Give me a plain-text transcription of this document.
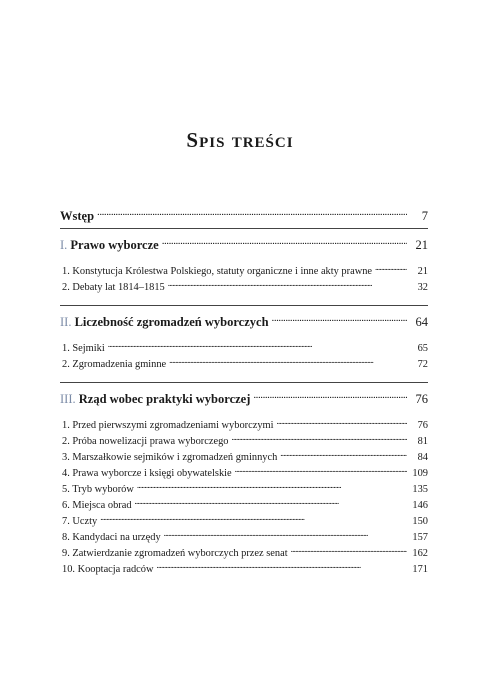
Spis treści
Wstęp . . .	7
I. Prawo wyborcze . . .	21
1. Konstytucja Królestwa Polskiego, statuty organiczne i inne akty prawne . . .	21
2. Debaty lat 1814–1815 . . .	32
II. Liczebność zgromadzeń wyborczych . . .	64
1. Sejmiki . . .	65
2. Zgromadzenia gminne . . .	72
III. Rząd wobec praktyki wyborczej . . .	76
1. Przed pierwszymi zgromadzeniami wyborczymi . . .	76
2. Próba nowelizacji prawa wyborczego . . .	81
3. Marszałkowie sejmików i zgromadzeń gminnych . . .	84
4. Prawa wyborcze i księgi obywatelskie . . .	109
5. Tryb wyborów . . .	135
6. Miejsca obrad . . .	146
7. Uczty . . .	150
8. Kandydaci na urzędy . . .	157
9. Zatwierdzanie zgromadzeń wyborczych przez senat . . .	162
10. Kooptacja radców . . .	171
